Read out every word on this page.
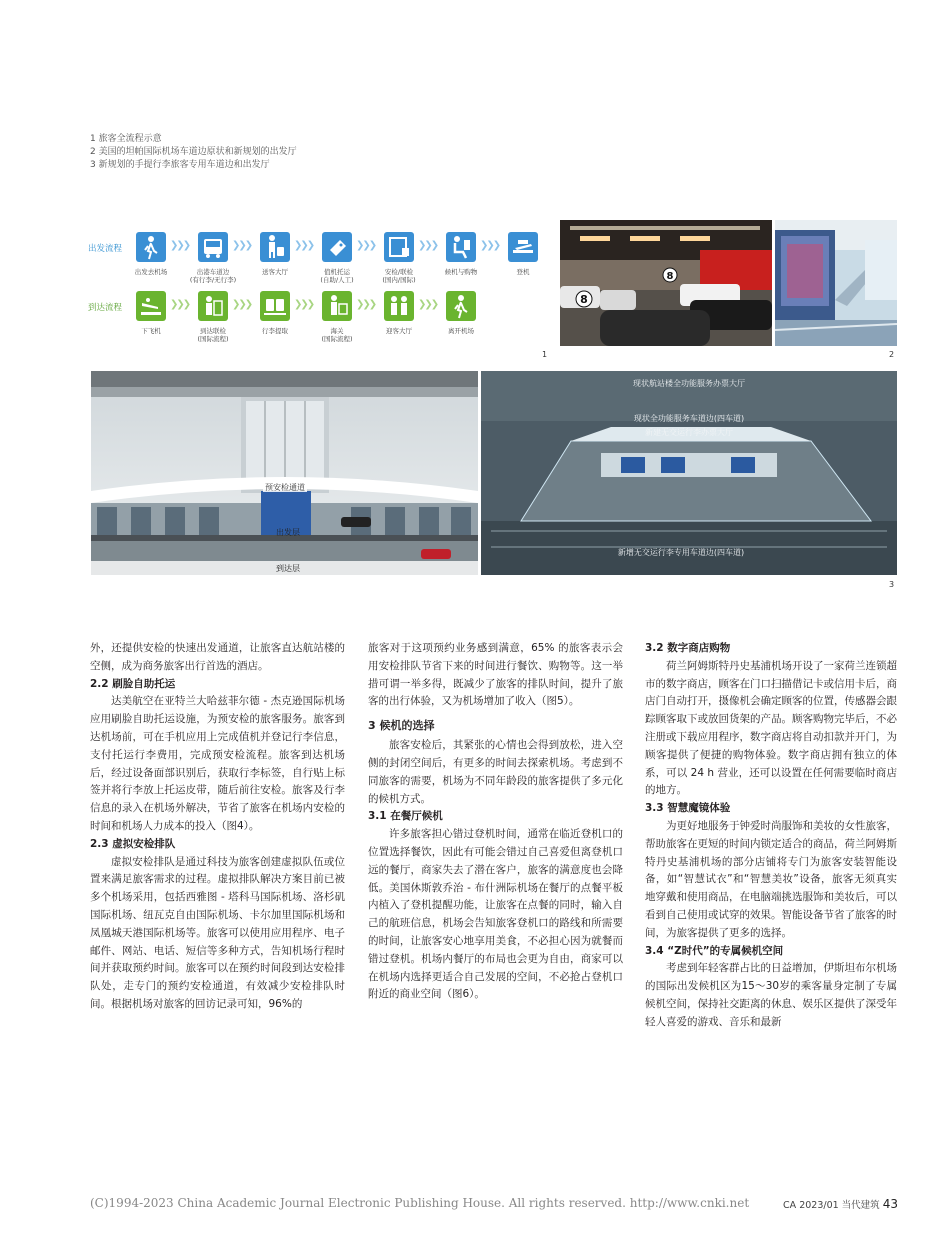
1 旅客全流程示意
2 美国的坦帕国际机场车道边原状和新规划的出发厅
3 新规划的手提行李旅客专用车道边和出发厅
出发流程
到达流程
出发去机场
❯❯❯
出港车道边
(有行李/无行李)
❯❯❯
送客大厅
❯❯❯
值机托运
(自助/人工)
❯❯❯
安检/联检
(国内/国际)
❯❯❯
候机与购物
❯❯❯
登机
下飞机
❯❯❯
到达联检
(国际流程)
❯❯❯
行李提取
❯❯❯
海关
(国际流程)
❯❯❯
迎客大厅
❯❯❯
离开机场
1
8
8
2
预安检通道
出发层
到达层
现状航站楼全功能服务办票大厅
现状全功能服务车道边(四车道)
新建无交运行李办票大厅
新增无交运行李专用车道边(四车道)
3

外，还提供安检的快速出发通道，让旅客直达航站楼的空侧，成为商务旅客出行首选的酒店。

2.2 刷脸自助托运

达美航空在亚特兰大哈兹菲尔德 - 杰克逊国际机场应用刷脸自助托运设施，为预安检的旅客服务。旅客到达机场前，可在手机应用上完成值机并登记行李信息，支付托运行李费用，完成预安检流程。旅客到达机场后，经过设备面部识别后，获取行李标签，自行贴上标签并将行李放上托运皮带，随后前往安检。旅客及行李信息的录入在机场外解决，节省了旅客在机场内安检的时间和机场人力成本的投入（图4）。

2.3 虚拟安检排队

虚拟安检排队是通过科技为旅客创建虚拟队伍或位置来满足旅客需求的过程。虚拟排队解决方案目前已被多个机场采用，包括西雅图 - 塔科马国际机场、洛杉矶国际机场、纽瓦克自由国际机场、卡尔加里国际机场和凤凰城天港国际机场等。旅客可以使用应用程序、电子邮件、网站、电话、短信等多种方式，告知机场行程时间并获取预约时间。旅客可以在预约时间段到达安检排队处，走专门的预约安检通道，有效减少安检排队时间。根据机场对旅客的回访记录可知，96%的

旅客对于这项预约业务感到满意，65% 的旅客表示会用安检排队节省下来的时间进行餐饮、购物等。这一举措可谓一举多得，既减少了旅客的排队时间，提升了旅客的出行体验，又为机场增加了收入（图5）。

3 候机的选择

旅客安检后，其紧张的心情也会得到放松，进入空侧的封闭空间后，有更多的时间去探索机场。考虑到不同旅客的需要，机场为不同年龄段的旅客提供了多元化的候机方式。

3.1 在餐厅候机

许多旅客担心错过登机时间，通常在临近登机口的位置选择餐饮，因此有可能会错过自己喜爱但离登机口远的餐厅，商家失去了潜在客户，旅客的满意度也会降低。美国休斯敦乔治 - 布什洲际机场在餐厅的点餐平板内植入了登机提醒功能，让旅客在点餐的同时，输入自己的航班信息，机场会告知旅客登机口的路线和所需要的时间，让旅客安心地享用美食，不必担心因为就餐而错过登机。机场内餐厅的布局也会更为自由，商家可以在机场内选择更适合自己发展的空间，不必抢占登机口附近的商业空间（图6）。

3.2 数字商店购物

荷兰阿姆斯特丹史基浦机场开设了一家荷兰连锁超市的数字商店，顾客在门口扫描借记卡或信用卡后，商店门自动打开，摄像机会确定顾客的位置，传感器会跟踪顾客取下或放回货架的产品。顾客购物完毕后，不必注册或下载应用程序，数字商店将自动扣款并开门，为顾客提供了便捷的购物体验。数字商店拥有独立的体系，可以 24 h 营业，还可以设置在任何需要临时商店的地方。

3.3 智慧魔镜体验

为更好地服务于钟爱时尚服饰和美妆的女性旅客，帮助旅客在更短的时间内锁定适合的商品，荷兰阿姆斯特丹史基浦机场的部分店铺将专门为旅客安装智能设备，如“智慧试衣”和“智慧美妆”设备，旅客无须真实地穿戴和使用商品，在电脑端挑选服饰和美妆后，可以看到自己使用或试穿的效果。智能设备节省了旅客的时间，为旅客提供了更多的选择。

3.4 “Z时代”的专属候机空间

考虑到年轻客群占比的日益增加，伊斯坦布尔机场的国际出发候机区为15～30岁的乘客量身定制了专属候机空间，保持社交距离的休息、娱乐区提供了深受年轻人喜爱的游戏、音乐和最新

(C)1994-2023 China Academic Journal Electronic Publishing House. All rights reserved. http://www.cnki.net	CA 2023/01 当代建筑 43
